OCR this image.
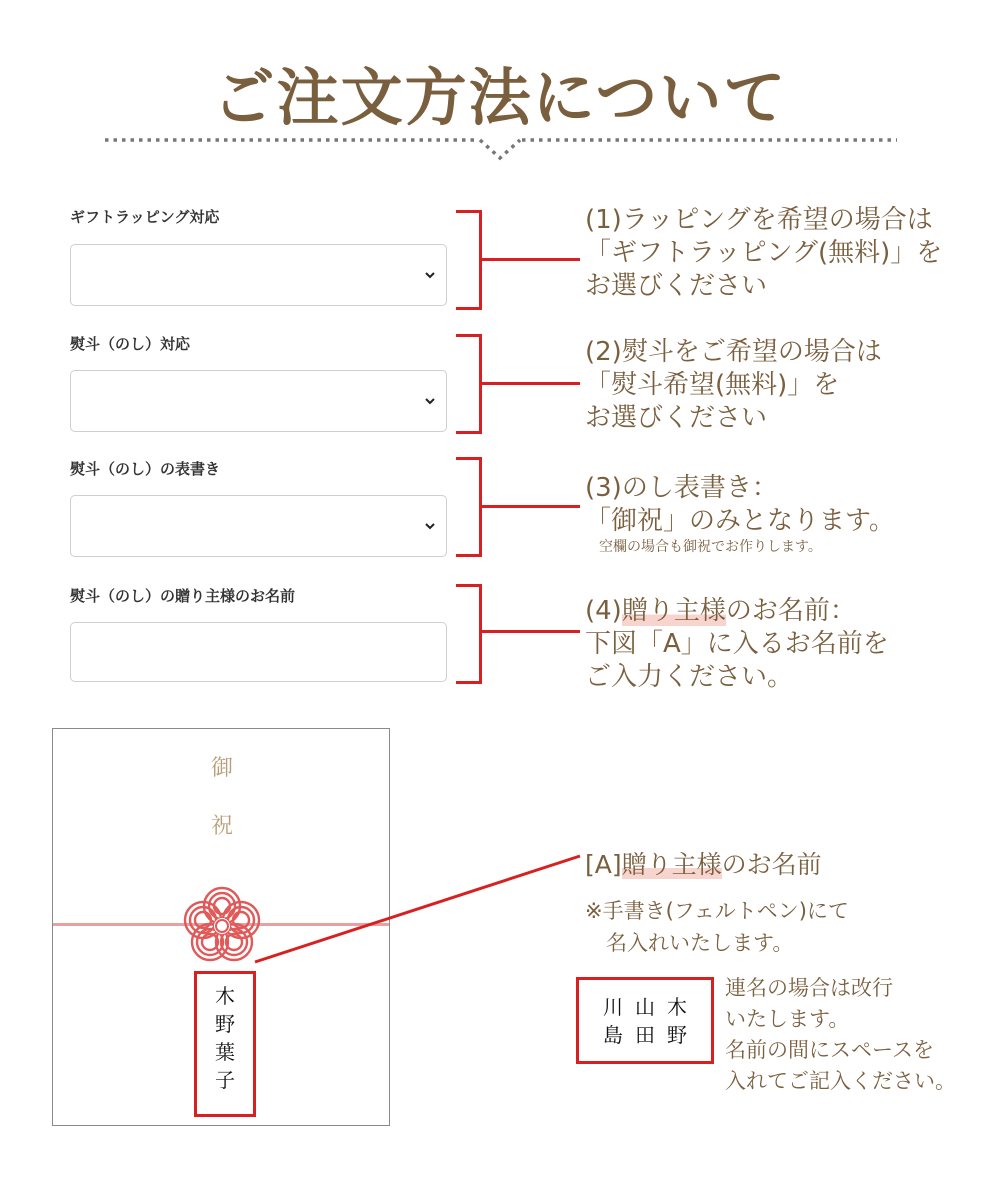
ご注文方法について
ギフトラッピング対応
熨斗（のし）対応
熨斗（のし）の表書き
熨斗（のし）の贈り主様のお名前
(1)ラッピングを希望の場合は
「ギフトラッピング(無料)」を
お選びください
(2)熨斗をご希望の場合は
「熨斗希望(無料)」を
お選びください
(3)のし表書き：
「御祝」のみとなります。
空欄の場合も御祝でお作りします。
(4)贈り主様のお名前：
下図「A」に入るお名前を
ご入力ください。
御
祝
木
野
葉
子
[A]贈り主様のお名前
※手書き(フェルトペン)にて
　名入れいたします。
木
野
山
田
川
島
連名の場合は改行
いたします。
名前の間にスペースを
入れてご記入ください。
